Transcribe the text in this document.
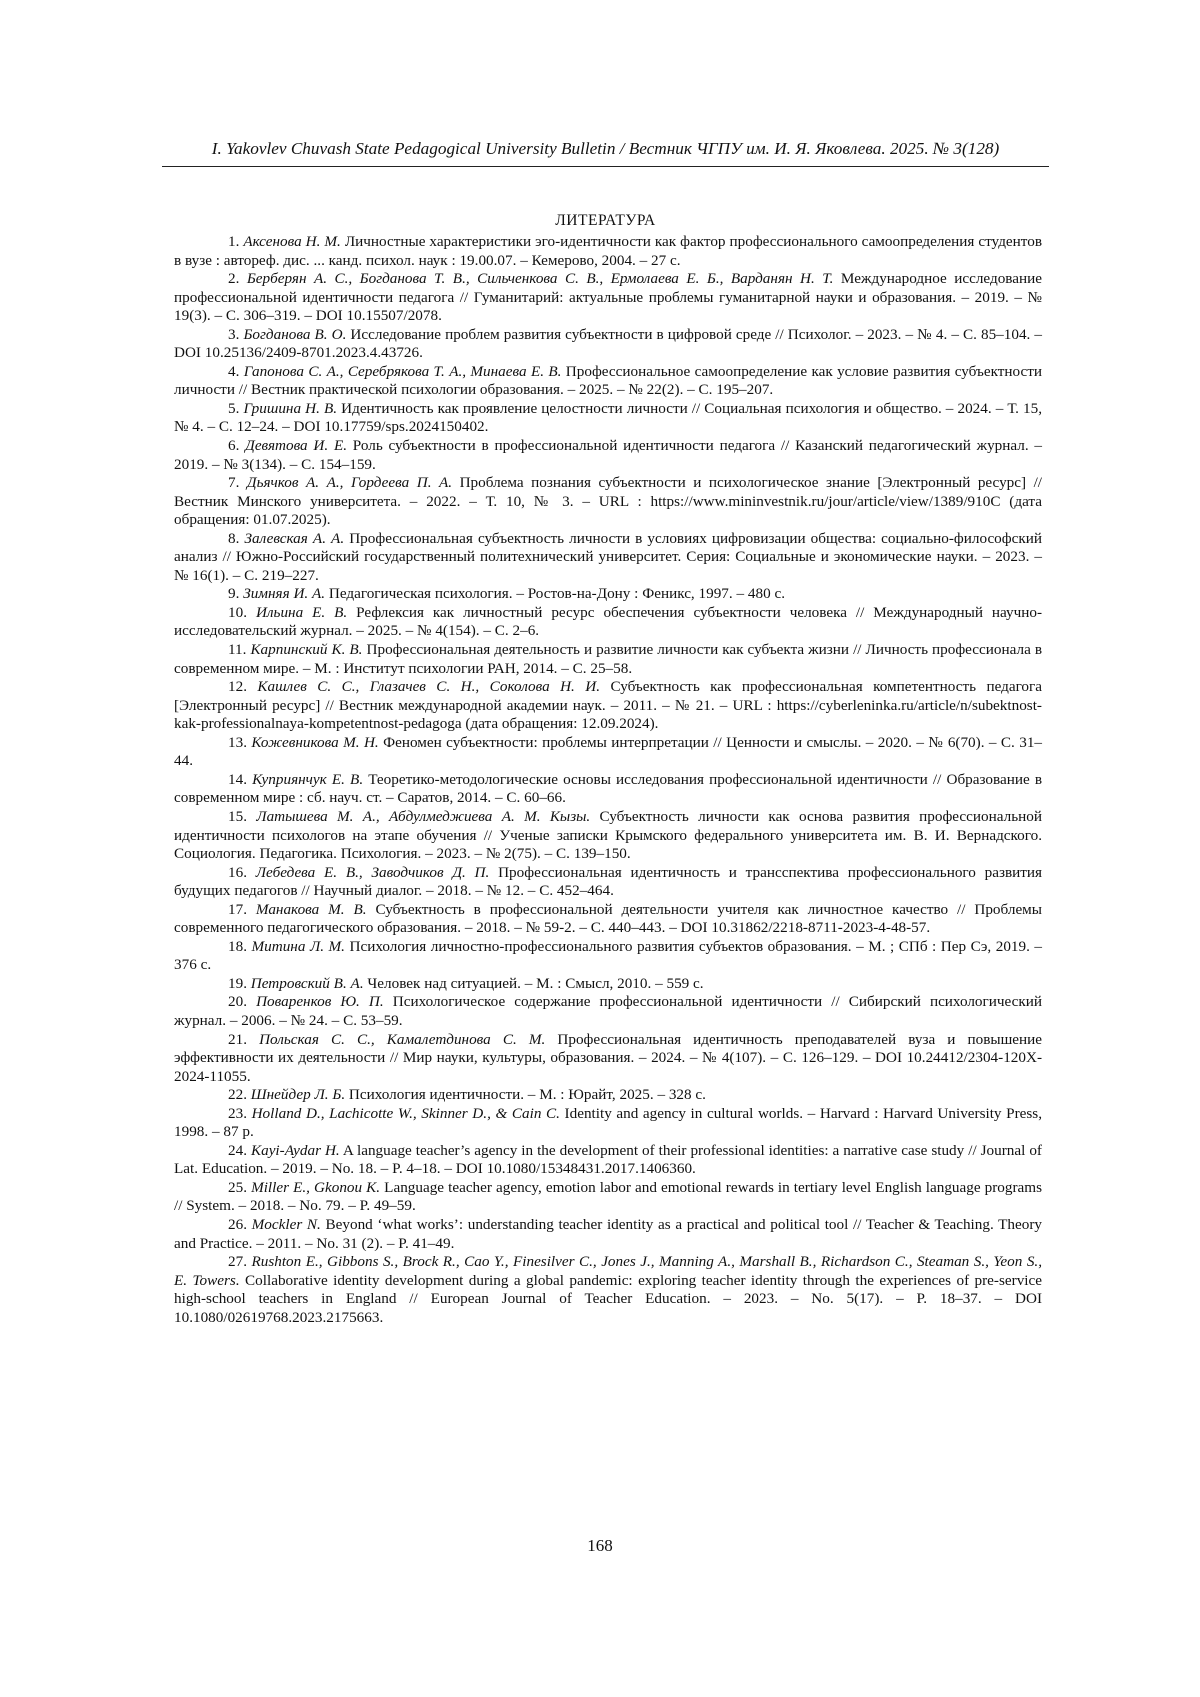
I. Yakovlev Chuvash State Pedagogical University Bulletin / Вестник ЧГПУ им. И. Я. Яковлева. 2025. № 3(128)
ЛИТЕРАТУРА

1. Аксенова Н. М. Личностные характеристики эго-идентичности как фактор профессионального самоопределения студентов в вузе : автореф. дис. ... канд. психол. наук : 19.00.07. – Кемерово, 2004. – 27 с.

2. Берберян А. С., Богданова Т. В., Сильченкова С. В., Ермолаева Е. Б., Варданян Н. Т. Международное исследование профессиональной идентичности педагога // Гуманитарий: актуальные проблемы гуманитарной науки и образования. – 2019. – № 19(3). – С. 306–319. – DOI 10.15507/2078.

3. Богданова В. О. Исследование проблем развития субъектности в цифровой среде // Психолог. – 2023. – № 4. – С. 85–104. – DOI 10.25136/2409-8701.2023.4.43726.

4. Гапонова С. А., Серебрякова Т. А., Минаева Е. В. Профессиональное самоопределение как условие развития субъектности личности // Вестник практической психологии образования. – 2025. – № 22(2). – С. 195–207.

5. Гришина Н. В. Идентичность как проявление целостности личности // Социальная психология и общество. – 2024. – Т. 15, № 4. – С. 12–24. – DOI 10.17759/sps.2024150402.

6. Девятова И. Е. Роль субъектности в профессиональной идентичности педагога // Казанский педагогический журнал. – 2019. – № 3(134). – С. 154–159.

7. Дьячков А. А., Гордеева П. А. Проблема познания субъектности и психологическое знание [Электронный ресурс] // Вестник Минского университета. – 2022. – Т. 10, № 3. – URL : https://www.mininvestnik.ru/jour/article/view/1389/910C (дата обращения: 01.07.2025).

8. Залевская А. А. Профессиональная субъектность личности в условиях цифровизации общества: социально-философский анализ // Южно-Российский государственный политехнический университет. Серия: Социальные и экономические науки. – 2023. – № 16(1). – С. 219–227.

9. Зимняя И. А. Педагогическая психология. – Ростов-на-Дону : Феникс, 1997. – 480 с.

10. Ильина Е. В. Рефлексия как личностный ресурс обеспечения субъектности человека // Международный научно-исследовательский журнал. – 2025. – № 4(154). – С. 2–6.

11. Карпинский К. В. Профессиональная деятельность и развитие личности как субъекта жизни // Личность профессионала в современном мире. – М. : Институт психологии РАН, 2014. – С. 25–58.

12. Кашлев С. С., Глазачев С. Н., Соколова Н. И. Субъектность как профессиональная компетентность педагога [Электронный ресурс] // Вестник международной академии наук. – 2011. – № 21. – URL : https://cyberleninka.ru/article/n/subektnost-kak-professionalnaya-kompetentnost-pedagoga (дата обращения: 12.09.2024).

13. Кожевникова М. Н. Феномен субъектности: проблемы интерпретации // Ценности и смыслы. – 2020. – № 6(70). – С. 31–44.

14. Куприянчук Е. В. Теоретико-методологические основы исследования профессиональной идентичности // Образование в современном мире : сб. науч. ст. – Саратов, 2014. – С. 60–66.

15. Латышева М. А., Абдулмеджиева А. М. Кызы. Субъектность личности как основа развития профессиональной идентичности психологов на этапе обучения // Ученые записки Крымского федерального университета им. В. И. Вернадского. Социология. Педагогика. Психология. – 2023. – № 2(75). – С. 139–150.

16. Лебедева Е. В., Заводчиков Д. П. Профессиональная идентичность и трансспектива профессионального развития будущих педагогов // Научный диалог. – 2018. – № 12. – С. 452–464.

17. Манакова М. В. Субъектность в профессиональной деятельности учителя как личностное качество // Проблемы современного педагогического образования. – 2018. – № 59-2. – С. 440–443. – DOI 10.31862/2218-8711-2023-4-48-57.

18. Митина Л. М. Психология личностно-профессионального развития субъектов образования. – М. ; СПб : Пер Сэ, 2019. – 376 с.

19. Петровский В. А. Человек над ситуацией. – М. : Смысл, 2010. – 559 с.

20. Поваренков Ю. П. Психологическое содержание профессиональной идентичности // Сибирский психологический журнал. – 2006. – № 24. – С. 53–59.

21. Польская С. С., Камалетдинова С. М. Профессиональная идентичность преподавателей вуза и повышение эффективности их деятельности // Мир науки, культуры, образования. – 2024. – № 4(107). – С. 126–129. – DOI 10.24412/2304-120X-2024-11055.

22. Шнейдер Л. Б. Психология идентичности. – М. : Юрайт, 2025. – 328 с.

23. Holland D., Lachicotte W., Skinner D., & Cain C. Identity and agency in cultural worlds. – Harvard : Harvard University Press, 1998. – 87 p.

24. Kayi-Aydar H. A language teacher’s agency in the development of their professional identities: a narrative case study // Journal of Lat. Education. – 2019. – No. 18. – P. 4–18. – DOI 10.1080/15348431.2017.1406360.

25. Miller E., Gkonou K. Language teacher agency, emotion labor and emotional rewards in tertiary level English language programs // System. – 2018. – No. 79. – P. 49–59.

26. Mockler N. Beyond ‘what works’: understanding teacher identity as a practical and political tool // Teacher & Teaching. Theory and Practice. – 2011. – No. 31 (2). – P. 41–49.

27. Rushton E., Gibbons S., Brock R., Cao Y., Finesilver C., Jones J., Manning A., Marshall B., Richardson C., Steaman S., Yeon S., E. Towers. Collaborative identity development during a global pandemic: exploring teacher identity through the experiences of pre-service high-school teachers in England // European Journal of Teacher Education. – 2023. – No. 5(17). – P. 18–37. – DOI 10.1080/02619768.2023.2175663.

168
